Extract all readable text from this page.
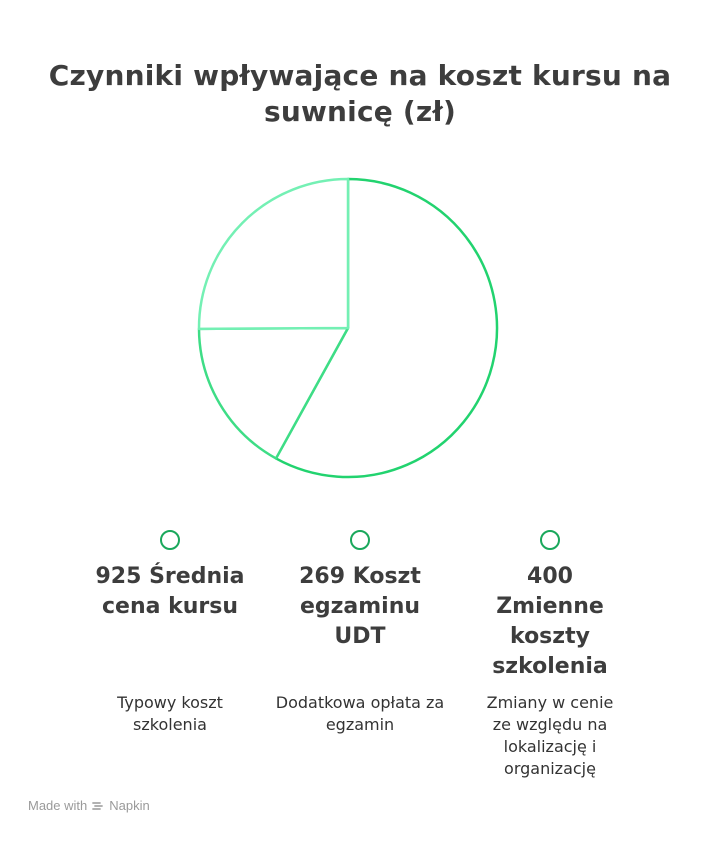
Czynniki wpływające na koszt kursu na suwnicę (zł)
925 Średnia cena kursu
Typowy koszt szkolenia
269 Koszt egzaminu UDT
Dodatkowa opłata za egzamin
400 Zmienne koszty szkolenia
Zmiany w cenie ze względu na lokalizację i organizację
Made with Napkin
